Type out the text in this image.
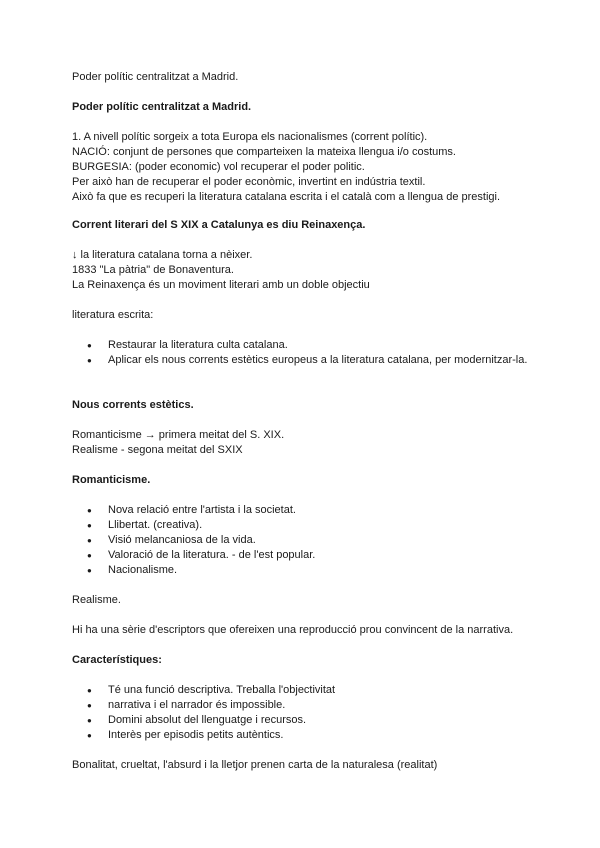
Poder polític centralitzat a Madrid.

Poder polític centralitzat a Madrid.

1. A nivell polític sorgeix a tota Europa els nacionalismes (corrent polític).

NACIÓ: conjunt de persones que comparteixen la mateixa llengua i/o costums.

BURGESIA: (poder economic) vol recuperar el poder politic.

Per això han de recuperar el poder econòmic, invertint en indústria textil.

Això fa que es recuperi la literatura catalana escrita i el català com a llengua de prestigi.

Corrent literari del S XIX a Catalunya es diu Reinaxença.

↓ la literatura catalana torna a nèixer.

1833 "La pàtria" de Bonaventura.

La Reinaxença és un moviment literari amb un doble objectiu

literatura escrita:

● Restaurar la literatura culta catalana.
● Aplicar els nous corrents estètics europeus a la literatura catalana, per modernitzar-la.

Nous corrents estètics.

Romanticisme → primera meitat del S. XIX.

Realisme - segona meitat del SXIX

Romanticisme.

● Nova relació entre l'artista i la societat.
● Llibertat. (creativa).
● Visió melancaniosa de la vida.
● Valoració de la literatura. - de l'est popular.
● Nacionalisme.

Realisme.

Hi ha una sèrie d'escriptors que ofereixen una reproducció prou convincent de la narrativa.

Característiques:

● Té una funció descriptiva. Treballa l'objectivitat
● narrativa i el narrador és impossible.
● Domini absolut del llenguatge i recursos.
● Interès per episodis petits autèntics.

Bonalitat, crueltat, l'absurd i la lletjor prenen carta de la naturalesa (realitat)
